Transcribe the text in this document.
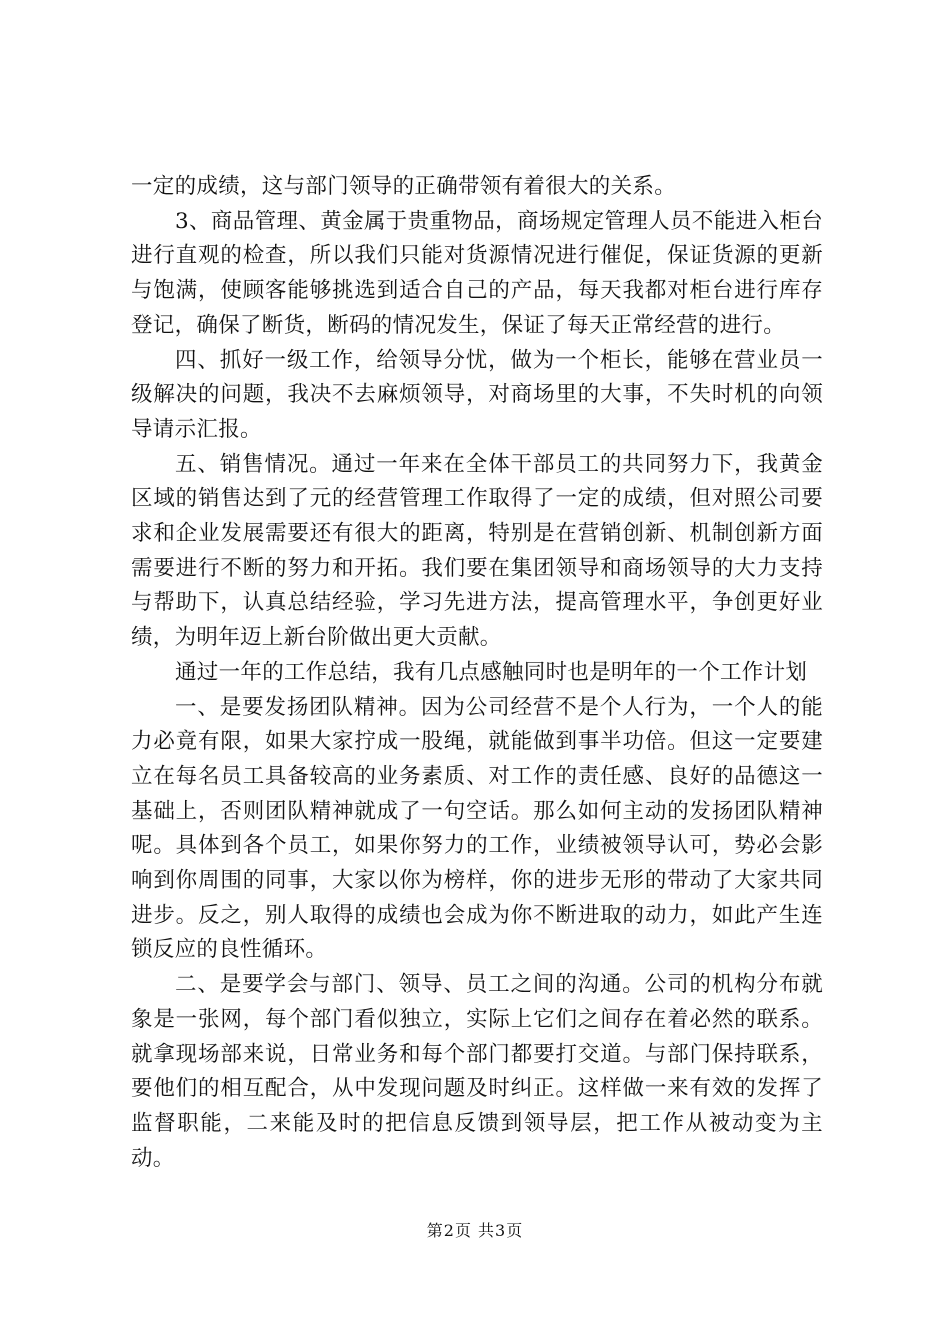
一定的成绩，这与部门领导的正确带领有着很大的关系。

3、商品管理、黄金属于贵重物品，商场规定管理人员不能进入柜台进行直观的检查，所以我们只能对货源情况进行催促，保证货源的更新与饱满，使顾客能够挑选到适合自己的产品，每天我都对柜台进行库存登记，确保了断货，断码的情况发生，保证了每天正常经营的进行。

四、抓好一级工作，给领导分忧，做为一个柜长，能够在营业员一级解决的问题，我决不去麻烦领导，对商场里的大事，不失时机的向领导请示汇报。

五、销售情况。通过一年来在全体干部员工的共同努力下，我黄金区域的销售达到了元的经营管理工作取得了一定的成绩，但对照公司要求和企业发展需要还有很大的距离，特别是在营销创新、机制创新方面需要进行不断的努力和开拓。我们要在集团领导和商场领导的大力支持与帮助下，认真总结经验，学习先进方法，提高管理水平，争创更好业绩，为明年迈上新台阶做出更大贡献。

通过一年的工作总结，我有几点感触同时也是明年的一个工作计划

一、是要发扬团队精神。因为公司经营不是个人行为，一个人的能力必竟有限，如果大家拧成一股绳，就能做到事半功倍。但这一定要建立在每名员工具备较高的业务素质、对工作的责任感、良好的品德这一基础上，否则团队精神就成了一句空话。那么如何主动的发扬团队精神呢。具体到各个员工，如果你努力的工作，业绩被领导认可，势必会影响到你周围的同事，大家以你为榜样，你的进步无形的带动了大家共同进步。反之，别人取得的成绩也会成为你不断进取的动力，如此产生连锁反应的良性循环。

二、是要学会与部门、领导、员工之间的沟通。公司的机构分布就象是一张网，每个部门看似独立，实际上它们之间存在着必然的联系。就拿现场部来说，日常业务和每个部门都要打交道。与部门保持联系，要他们的相互配合，从中发现问题及时纠正。这样做一来有效的发挥了监督职能，二来能及时的把信息反馈到领导层，把工作从被动变为主动。

第2页 共3页
